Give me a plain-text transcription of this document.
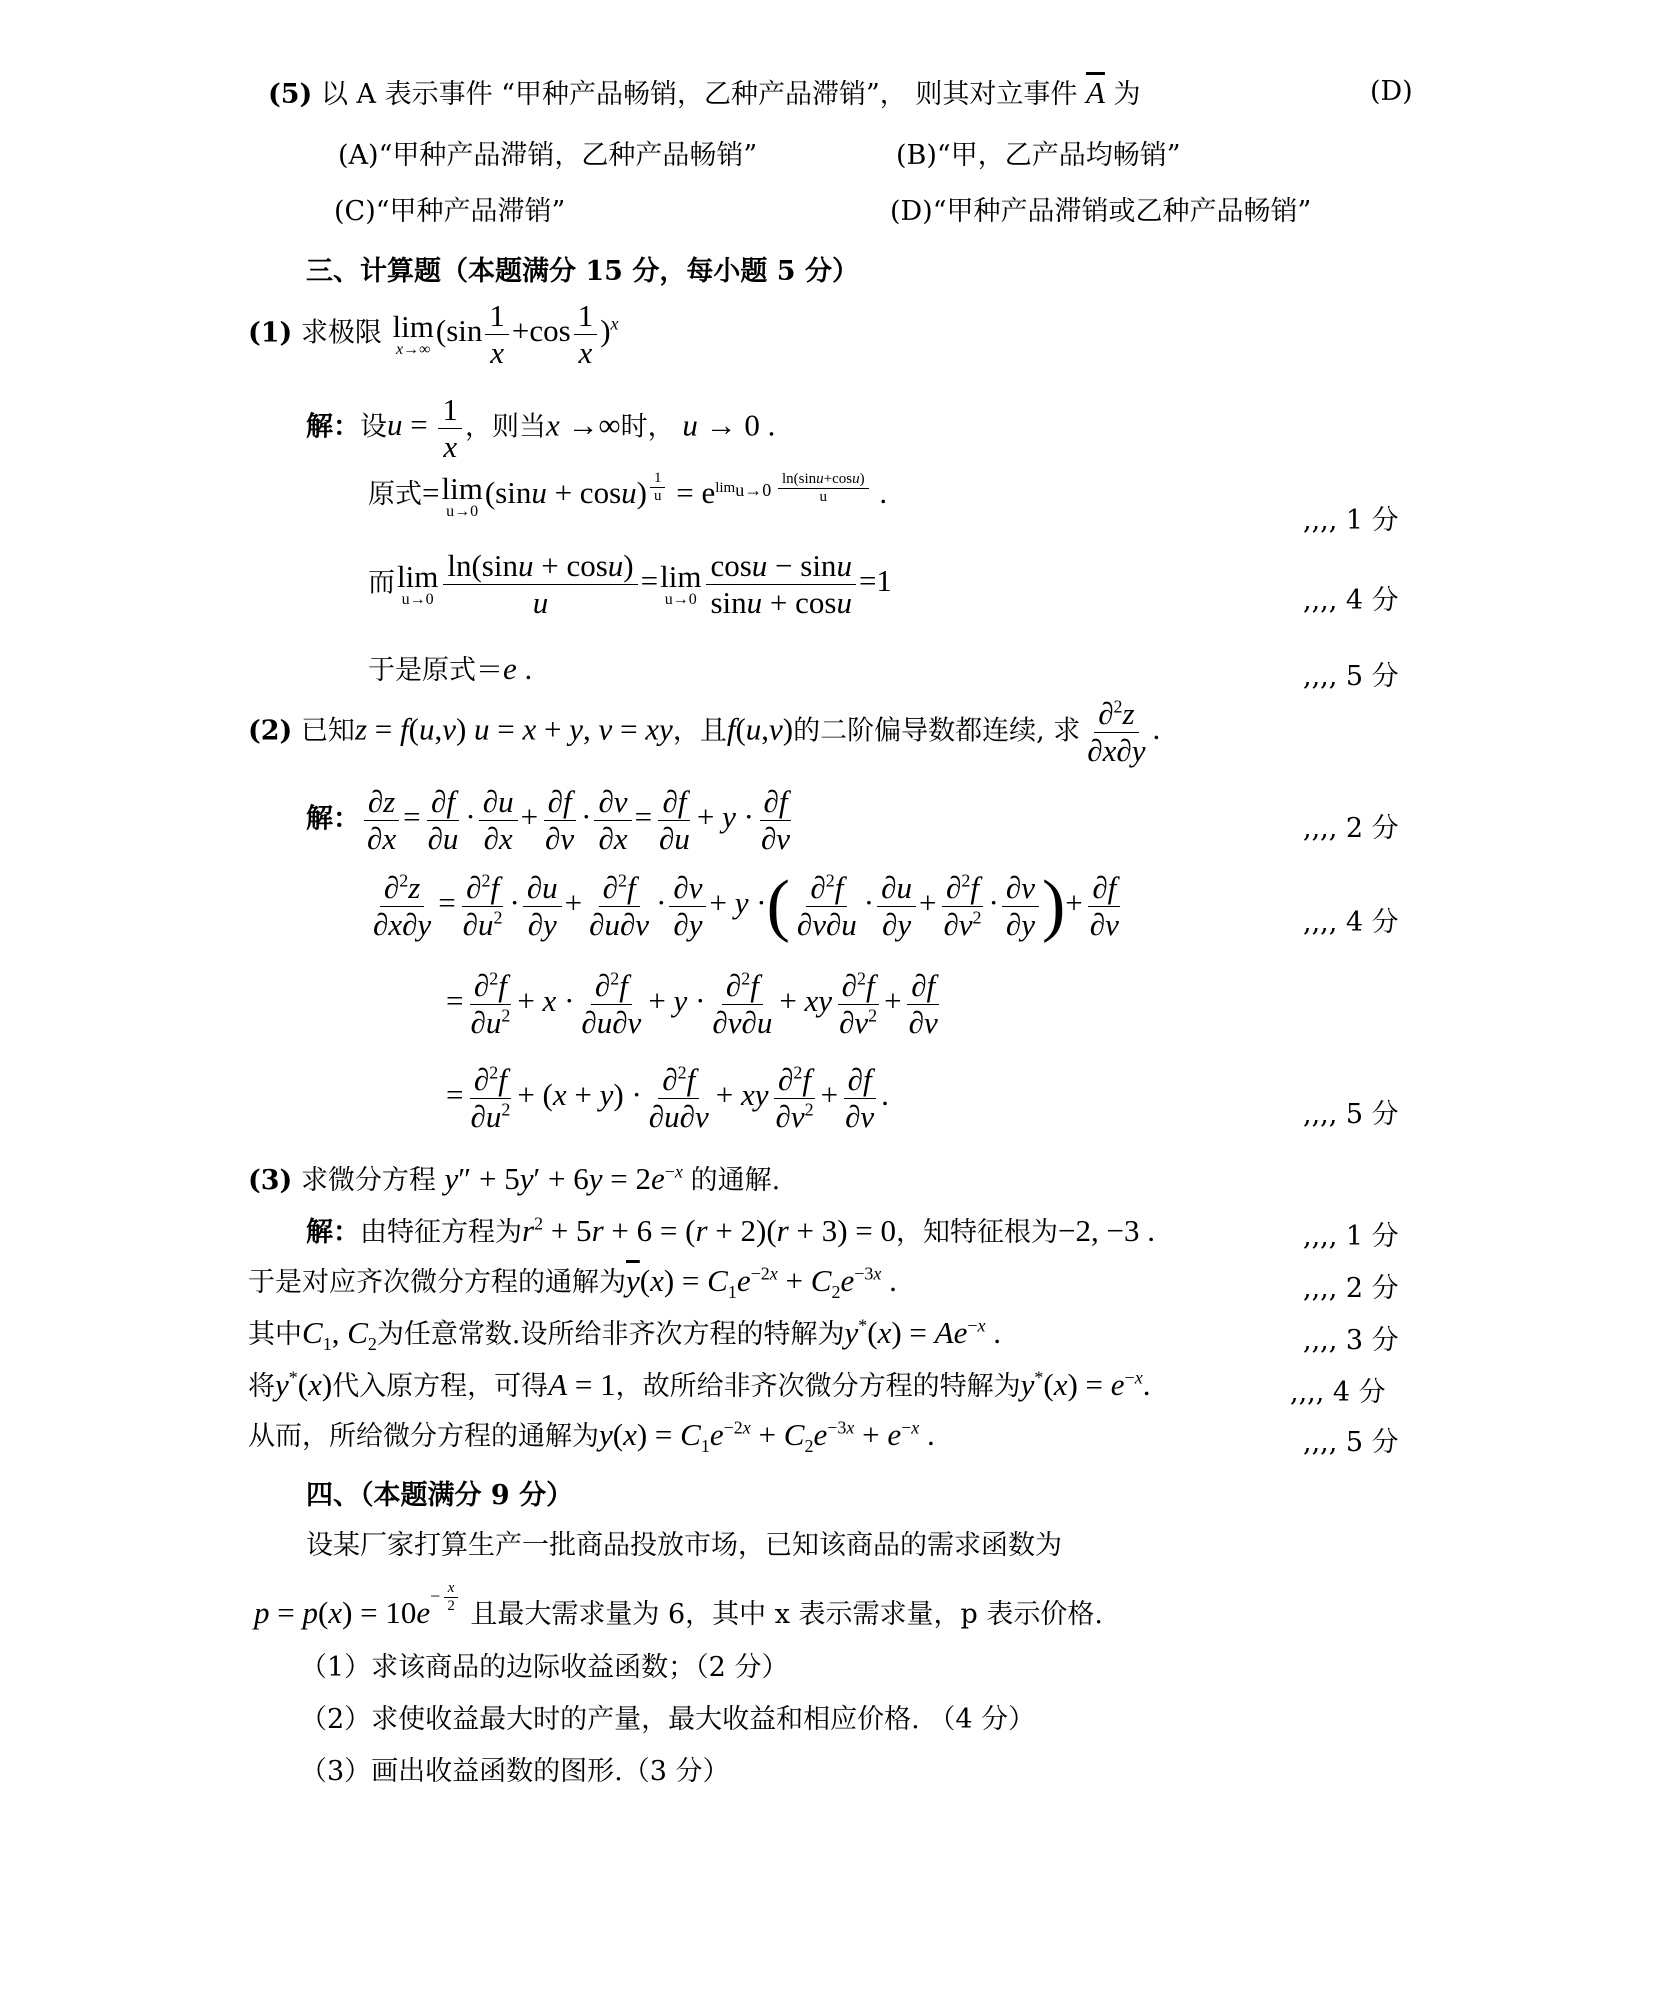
(5) 以 A 表示事件 “甲种产品畅销，乙种产品滞销”， 则其对立事件 $\overline{A}$ 为	(D)
(A)“甲种产品滞销，乙种产品畅销”	(B)“甲，乙产品均畅销”
(C)“甲种产品滞销”	(D)“甲种产品滞销或乙种产品畅销”
三、计算题（本题满分 15 分，每小题 5 分）
(1) 求极限 lim
x→∞
$(\sin \frac{1}{x} +\cos \frac{1}{x} )^x$
解：设$u = \frac{1}{x}$ ，则当x →∞时， u → 0 .
原式= lim
u→0
(sinu + cosu) $^{\frac{1}{u}} = e^{lim_{u\to 0} \frac{\ln(\sin u+\cos u)}{u}}$ .
,,,, 1 分
而 lim
$u\to 0 \frac{\ln(\sin u + \cos u)}{u} = \lim$
$u\to 0 \frac{\cos u - \sin u}{\sin u + \cos u} =1$
,,,, 4 分
于是原式＝e .	,,,, 5 分
(2) 已知z = f(u,v) u = x + y, v = xy，且f(u,v)的二阶偏导数都连续, 求 $\frac{\partial^2z}{\partial x\partial y}$ .
解： $\frac{\partial z}{\partial x} = \frac{\partial f}{\partial u} \cdot \frac{\partial u}{\partial x} + \frac{\partial f}{\partial v} \cdot \frac{\partial v}{\partial x} = \frac{\partial f}{\partial u} + y \cdot \frac{\partial f}{\partial v}$	,,,, 2 分
$\frac{\partial^2z}{\partial x\partial y} = \frac{\partial^2f}{\partial u^2} \cdot \frac{\partial u}{\partial y} + \frac{\partial^2f}{\partial u\partial v} \cdot \frac{\partial v}{\partial y} + y$ ·( $\frac{\partial^2f}{\partial v\partial u} \cdot \frac{\partial u}{\partial y} + \frac{\partial^2f}{\partial v^2} \cdot \frac{\partial v}{\partial y}$ )+ $\frac{\partial f}{\partial v}$	,,,, 4 分
= $\frac{\partial^2f}{\partial u^2} + x \cdot \frac{\partial^2f}{\partial u\partial v} + y \cdot \frac{\partial^2f}{\partial v\partial u}$ + xy $\frac{\partial^2f}{\partial v^2} + \frac{\partial f}{\partial v}$
= $\frac{\partial^2f}{\partial u^2} + (x + y) \cdot \frac{\partial^2f}{\partial u\partial v}$ + xy $\frac{\partial^2f}{\partial v^2} + \frac{\partial f}{\partial v}$ .
,,,, 5 分
(3) 求微分方程 $y'' + 5y' + 6y = 2e^{-x}$ 的通解.
解：由特征方程为$r^2 + 5r + 6 = (r + 2)(r + 3) = 0$，知特征根为−2, −3 .	,,,, 1 分
于是对应齐次微分方程的通解为$\overline{y}(x) = C_1e^{-2x} + C_2e^{-3x}$ .	,,,, 2 分
其中$C_1$, $C_2$为任意常数.设所给非齐次方程的特解为$y^*(x) = Ae^{-x}$ .	,,,, 3 分
将y*(x)代入原方程，可得A = 1，故所给非齐次微分方程的特解为$y^*(x) = e^{-x}$.	,,,, 4 分
从而，所给微分方程的通解为$y(x) = C_1e^{-2x} + C_2e^{-3x} + e^{-x}$ .	,,,, 5 分
四、（本题满分 9 分）
设某厂家打算生产一批商品投放市场，已知该商品的需求函数为
$p = p(x) = 10e^{- \frac{x}{2}}$ 且最大需求量为 6，其中 x 表示需求量，p 表示价格.
（1）求该商品的边际收益函数；（2 分）
（2）求使收益最大时的产量，最大收益和相应价格. （4 分）
（3）画出收益函数的图形.（3 分）
